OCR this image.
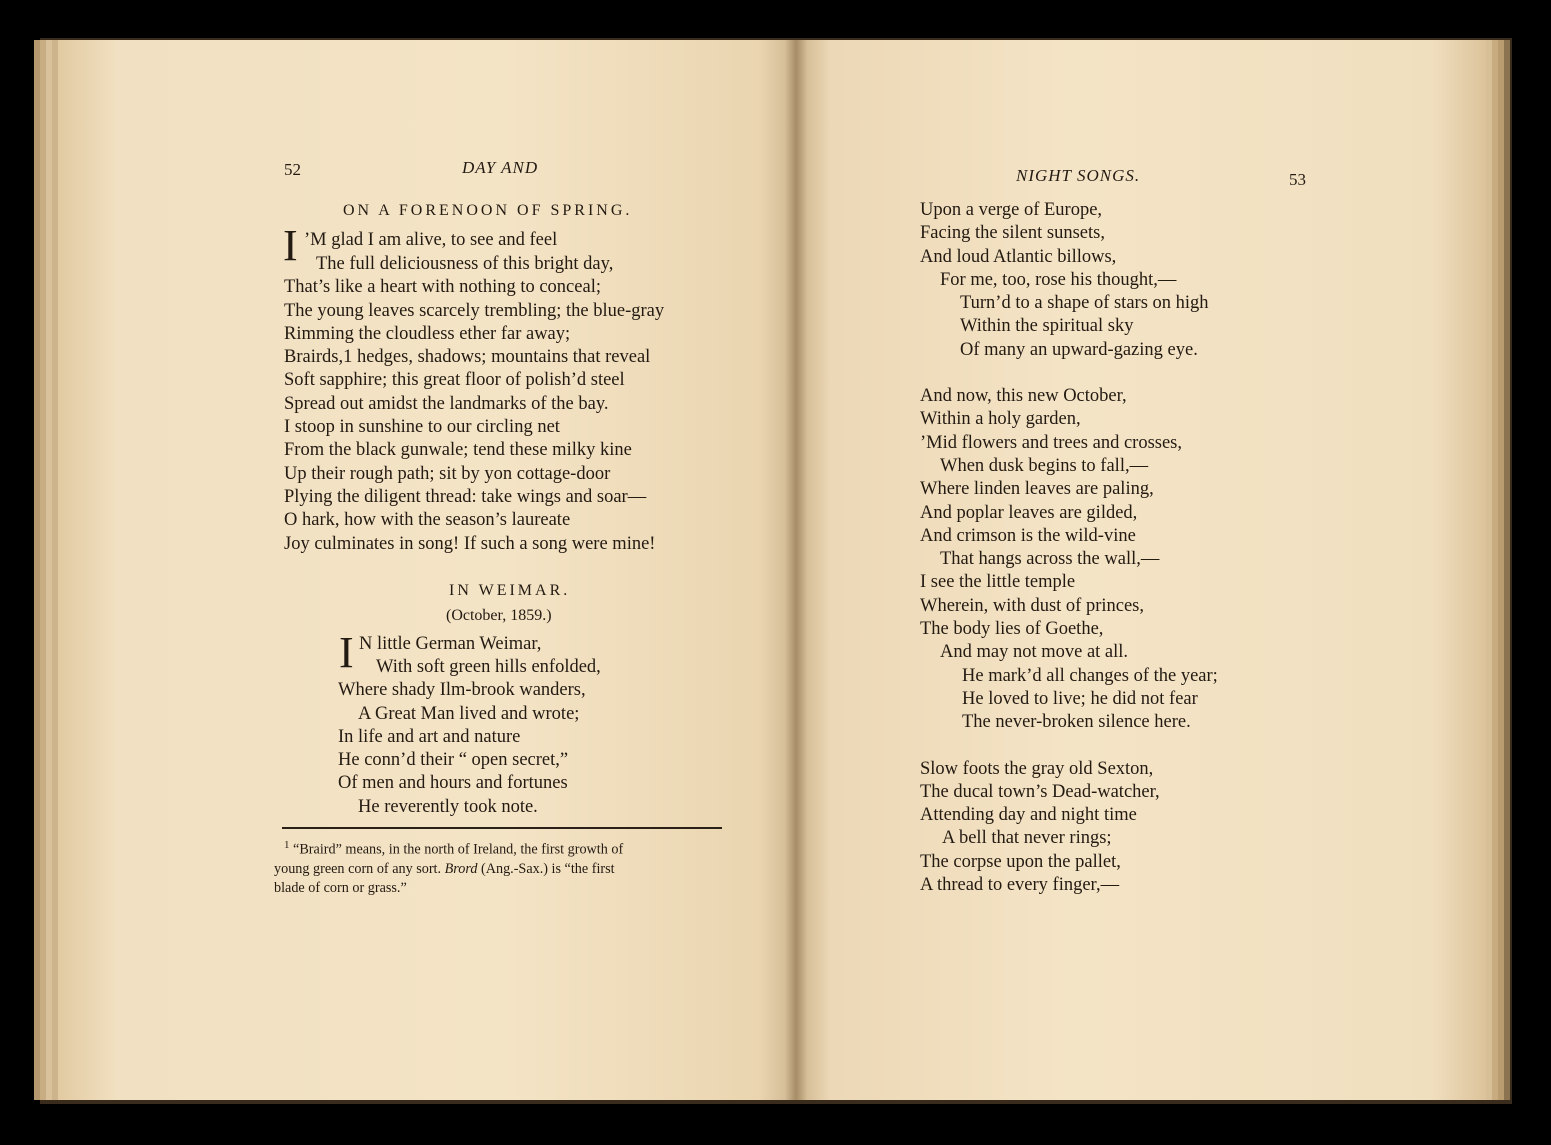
52	DAY AND
ON A FORENOON OF SPRING.
I ’M glad I am alive, to see and feel
The full deliciousness of this bright day,
That’s like a heart with nothing to conceal;
The young leaves scarcely trembling; the blue-gray
Rimming the cloudless ether far away;
Brairds,1 hedges, shadows; mountains that reveal
Soft sapphire; this great floor of polish’d steel
Spread out amidst the landmarks of the bay.
I stoop in sunshine to our circling net
From the black gunwale; tend these milky kine
Up their rough path; sit by yon cottage-door
Plying the diligent thread: take wings and soar—
O hark, how with the season’s laureate
Joy culminates in song! If such a song were mine!
IN WEIMAR.
(October, 1859.)
I N little German Weimar,
With soft green hills enfolded,
Where shady Ilm-brook wanders,
A Great Man lived and wrote;
In life and art and nature
He conn’d their “ open secret,”
Of men and hours and fortunes
He reverently took note.
$^1$ “Braird” means, in the north of Ireland, the first growth of
young green corn of any sort. Brord (Ang.-Sax.) is “the first
blade of corn or grass.”
NIGHT SONGS.	53
Upon a verge of Europe,
Facing the silent sunsets,
And loud Atlantic billows,
For me, too, rose his thought,—
Turn’d to a shape of stars on high
Within the spiritual sky
Of many an upward-gazing eye.
And now, this new October,
Within a holy garden,
’Mid flowers and trees and crosses,
When dusk begins to fall,—
Where linden leaves are paling,
And poplar leaves are gilded,
And crimson is the wild-vine
That hangs across the wall,—
I see the little temple
Wherein, with dust of princes,
The body lies of Goethe,
And may not move at all.
He mark’d all changes of the year;
He loved to live; he did not fear
The never-broken silence here.
Slow foots the gray old Sexton,
The ducal town’s Dead-watcher,
Attending day and night time
A bell that never rings;
The corpse upon the pallet,
A thread to every finger,—
